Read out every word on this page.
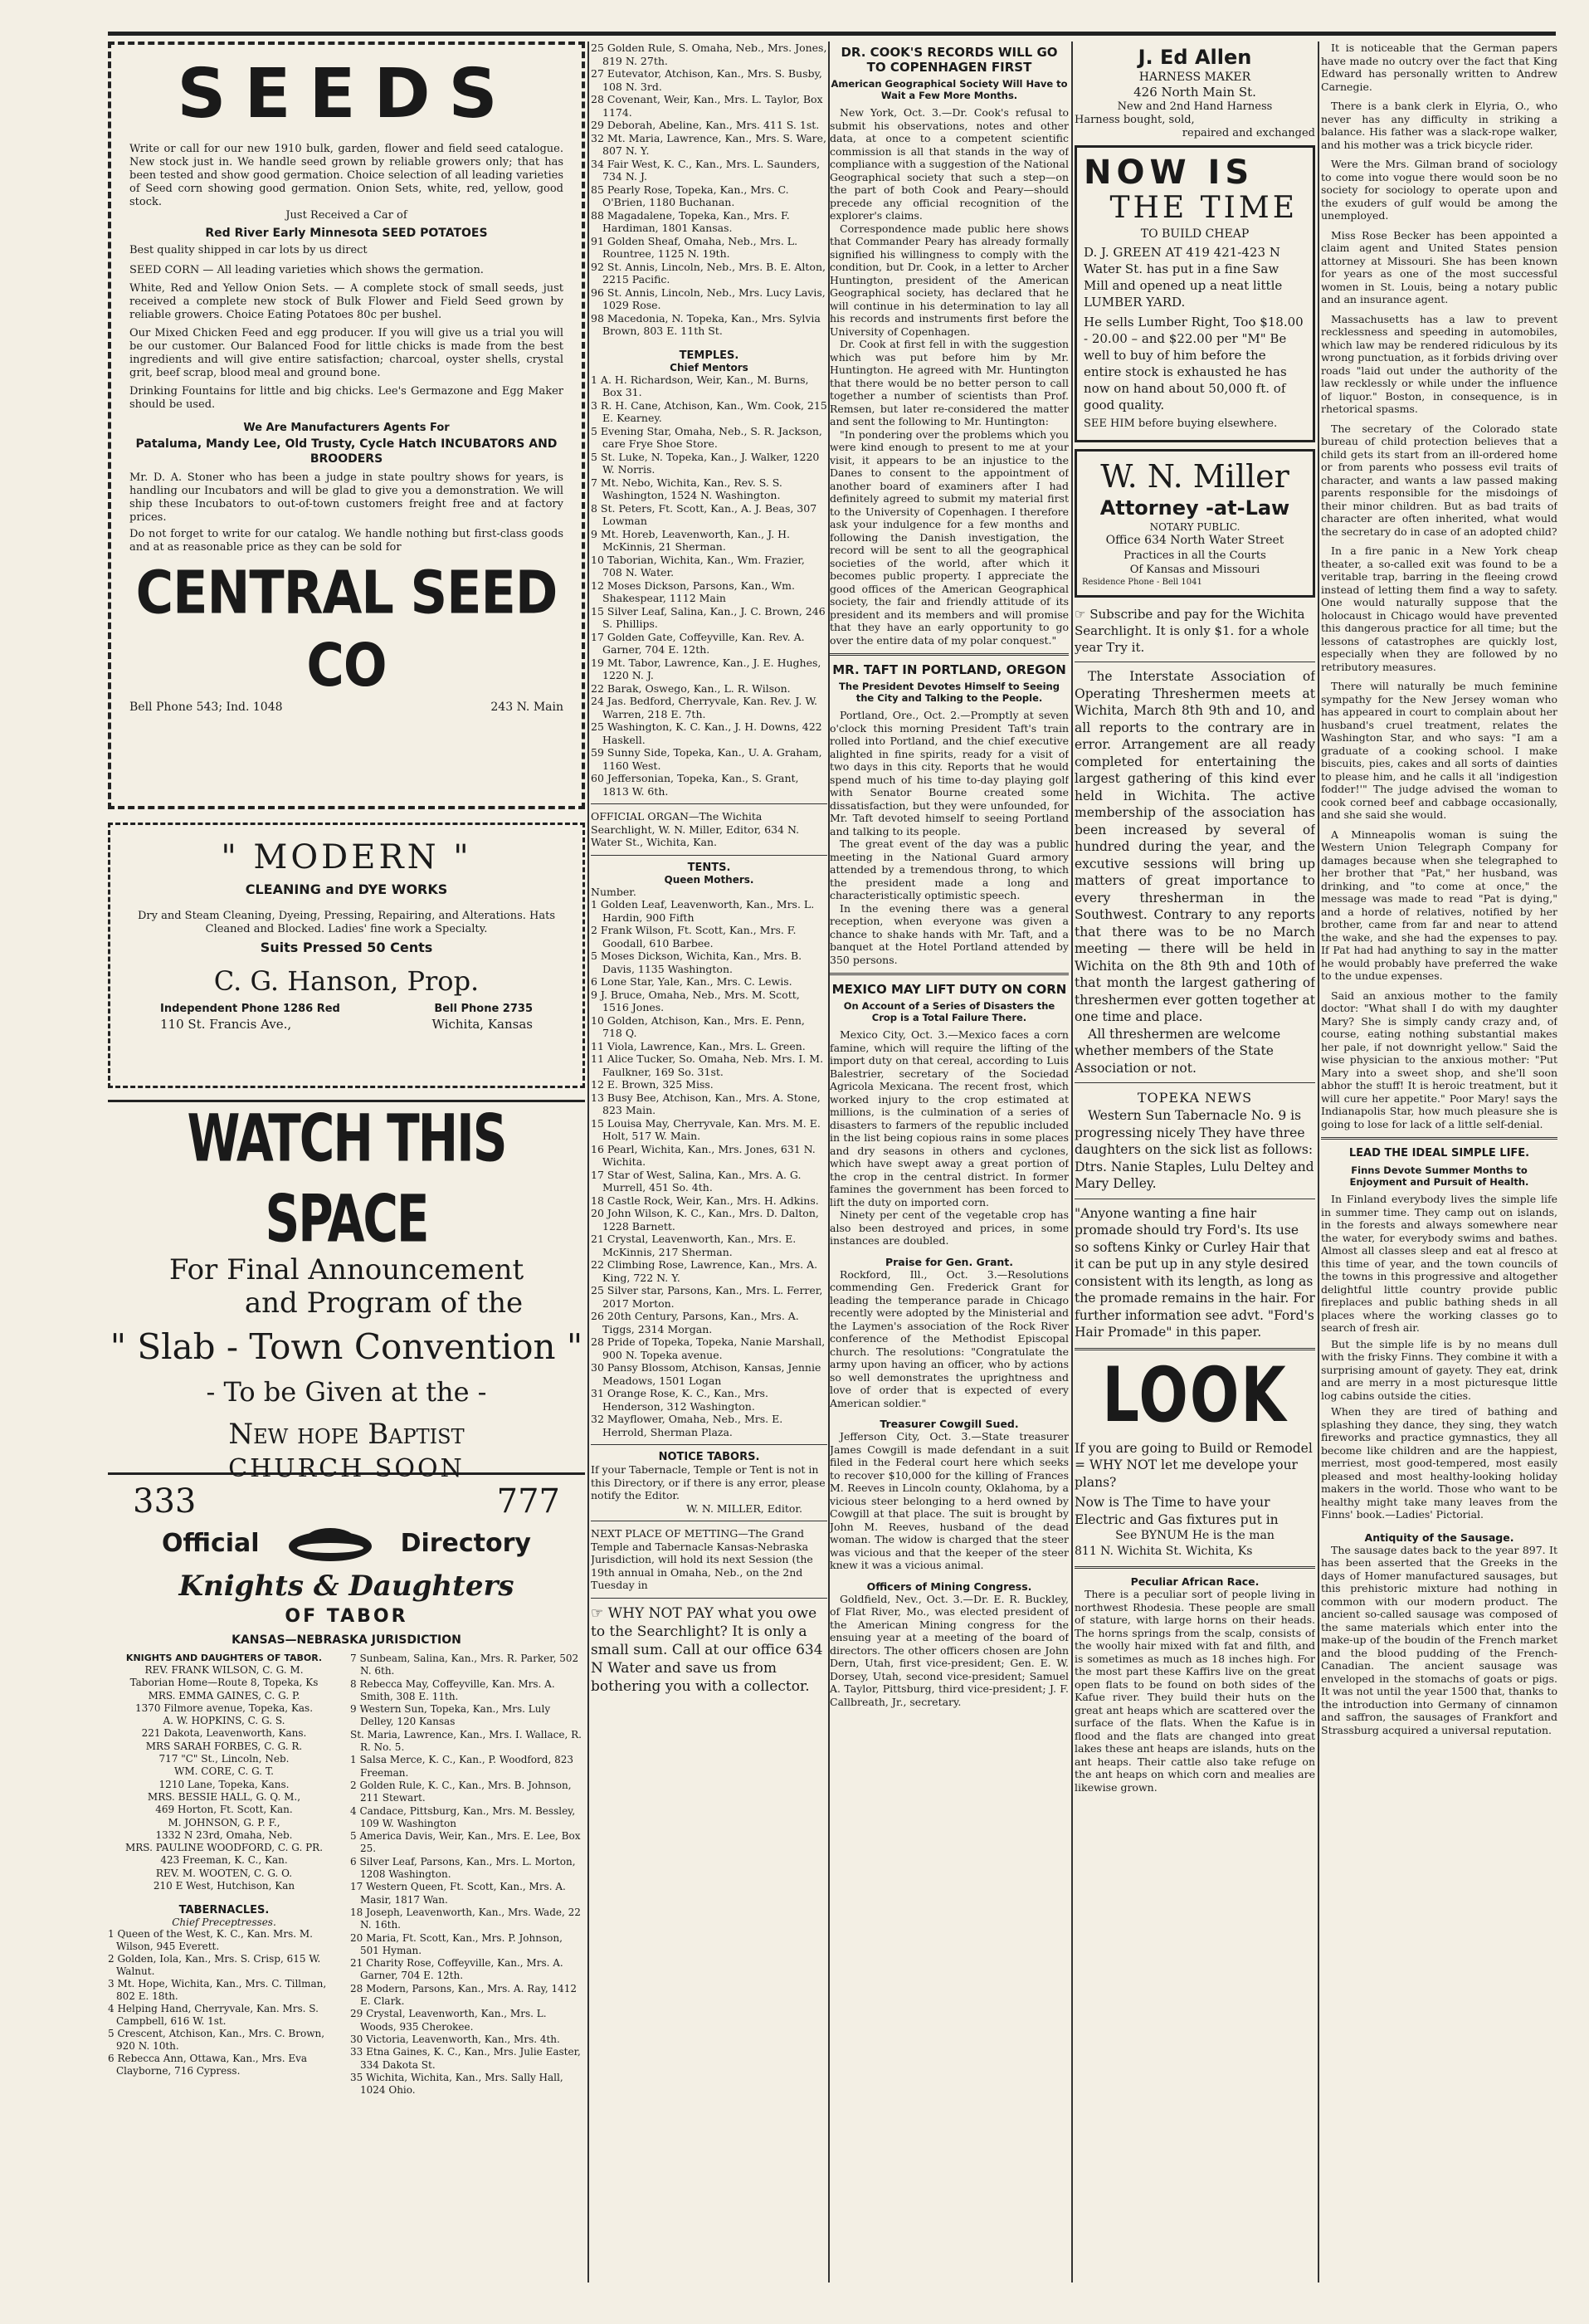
SEEDS

Write or call for our new 1910 bulk, garden, flower and field seed catalogue. New stock just in. We handle seed grown by reliable growers only; that has been tested and show good germation. Choice selection of all leading varieties of Seed corn showing good germation. Onion Sets, white, red, yellow, good stock.

Just Received a Car of

Red River Early Minnesota SEED POTATOES

Best quality shipped in car lots by us direct

SEED CORN — All leading varieties which shows the germation.

White, Red and Yellow Onion Sets. — A complete stock of small seeds, just received a complete new stock of Bulk Flower and Field Seed grown by reliable growers. Choice Eating Potatoes 80c per bushel.

Our Mixed Chicken Feed and egg producer. If you will give us a trial you will be our customer. Our Balanced Food for little chicks is made from the best ingredients and will give entire satisfaction; charcoal, oyster shells, crystal grit, beef scrap, blood meal and ground bone.

Drinking Fountains for little and big chicks. Lee's Germazone and Egg Maker should be used.

We Are Manufacturers Agents For

Pataluma, Mandy Lee, Old Trusty, Cycle Hatch INCUBATORS AND BROODERS

Mr. D. A. Stoner who has been a judge in state poultry shows for years, is handling our Incubators and will be glad to give you a demonstration. We will ship these Incubators to out-of-town customers freight free and at factory prices.

Do not forget to write for our catalog. We handle nothing but first-class goods and at as reasonable price as they can be sold for

CENTRAL SEED CO
Bell Phone 543; Ind. 1048	243 N. Main
" MODERN "
CLEANING and DYE WORKS

Dry and Steam Cleaning, Dyeing, Pressing, Repairing, and Alterations. Hats Cleaned and Blocked. Ladies' fine work a Specialty.

Suits Pressed 50 Cents

C. G. Hanson, Prop.
Independent Phone 1286 Red	Bell Phone 2735
110 St. Francis Ave.,	Wichita, Kansas
WATCH THIS SPACE
For Final Announcement
and Program of the
" Slab - Town Convention "
- To be Given at the -
New hope Baptist
CHURCH SOON
333	777
Official	Directory
Knights & Daughters
OF TABOR
KANSAS—NEBRASKA JURISDICTION
KNIGHTS AND DAUGHTERS OF TABOR.

REV. FRANK WILSON, C. G. M.

Taborian Home—Route 8, Topeka, Ks

MRS. EMMA GAINES, C. G. P.

1370 Filmore avenue, Topeka, Kas.

A. W. HOPKINS, C. G. S.

221 Dakota, Leavenworth, Kans.

MRS SARAH FORBES, C. G. R.

717 "C" St., Lincoln, Neb.

WM. CORE, C. G. T.

1210 Lane, Topeka, Kans.

MRS. BESSIE HALL, G. Q. M.,

469 Horton, Ft. Scott, Kan.

M. JOHNSON, G. P. F.,

1332 N 23rd, Omaha, Neb.

MRS. PAULINE WOODFORD, C. G. PR.

423 Freeman, K. C., Kan.

REV. M. WOOTEN, C. G. O.

210 E West, Hutchison, Kan

TABERNACLES.
Chief Preceptresses.

1 Queen of the West, K. C., Kan. Mrs. M. Wilson, 945 Everett.

2 Golden, Iola, Kan., Mrs. S. Crisp, 615 W. Walnut.

3 Mt. Hope, Wichita, Kan., Mrs. C. Tillman, 802 E. 18th.

4 Helping Hand, Cherryvale, Kan. Mrs. S. Campbell, 616 W. 1st.

5 Crescent, Atchison, Kan., Mrs. C. Brown, 920 N. 10th.

6 Rebecca Ann, Ottawa, Kan., Mrs. Eva Clayborne, 716 Cypress.

7 Sunbeam, Salina, Kan., Mrs. R. Parker, 502 N. 6th.

8 Rebecca May, Coffeyville, Kan. Mrs. A. Smith, 308 E. 11th.

9 Western Sun, Topeka, Kan., Mrs. Luly Delley, 120 Kansas

St. Maria, Lawrence, Kan., Mrs. I. Wallace, R. R. No. 5.

1 Salsa Merce, K. C., Kan., P. Woodford, 823 Freeman.

2 Golden Rule, K. C., Kan., Mrs. B. Johnson, 211 Stewart.

4 Candace, Pittsburg, Kan., Mrs. M. Bessley, 109 W. Washington

5 America Davis, Weir, Kan., Mrs. E. Lee, Box 25.

6 Silver Leaf, Parsons, Kan., Mrs. L. Morton, 1208 Washington.

17 Western Queen, Ft. Scott, Kan., Mrs. A. Masir, 1817 Wan.

18 Joseph, Leavenworth, Kan., Mrs. Wade, 22 N. 16th.

20 Maria, Ft. Scott, Kan., Mrs. P. Johnson, 501 Hyman.

21 Charity Rose, Coffeyville, Kan., Mrs. A. Garner, 704 E. 12th.

28 Modern, Parsons, Kan., Mrs. A. Ray, 1412 E. Clark.

29 Crystal, Leavenworth, Kan., Mrs. L. Woods, 935 Cherokee.

30 Victoria, Leavenworth, Kan., Mrs. 4th.

33 Etna Gaines, K. C., Kan., Mrs. Julie Easter, 334 Dakota St.

35 Wichita, Wichita, Kan., Mrs. Sally Hall, 1024 Ohio.

25 Golden Rule, S. Omaha, Neb., Mrs. Jones, 819 N. 27th.

27 Eutevator, Atchison, Kan., Mrs. S. Busby, 108 N. 3rd.

28 Covenant, Weir, Kan., Mrs. L. Taylor, Box 1174.

29 Deborah, Abeline, Kan., Mrs. 411 S. 1st.

32 Mt. Maria, Lawrence, Kan., Mrs. S. Ware, 807 N. Y.

34 Fair West, K. C., Kan., Mrs. L. Saunders, 734 N. J.

85 Pearly Rose, Topeka, Kan., Mrs. C. O'Brien, 1180 Buchanan.

88 Magadalene, Topeka, Kan., Mrs. F. Hardiman, 1801 Kansas.

91 Golden Sheaf, Omaha, Neb., Mrs. L. Rountree, 1125 N. 19th.

92 St. Annis, Lincoln, Neb., Mrs. B. E. Alton, 2215 Pacific.

96 St. Annis, Lincoln, Neb., Mrs. Lucy Lavis, 1029 Rose.

98 Macedonia, N. Topeka, Kan., Mrs. Sylvia Brown, 803 E. 11th St.

TEMPLES.
Chief Mentors

1 A. H. Richardson, Weir, Kan., M. Burns, Box 31.

3 R. H. Cane, Atchison, Kan., Wm. Cook, 215 E. Kearney.

5 Evening Star, Omaha, Neb., S. R. Jackson, care Frye Shoe Store.

5 St. Luke, N. Topeka, Kan., J. Walker, 1220 W. Norris.

7 Mt. Nebo, Wichita, Kan., Rev. S. S. Washington, 1524 N. Washington.

8 St. Peters, Ft. Scott, Kan., A. J. Beas, 307 Lowman

9 Mt. Horeb, Leavenworth, Kan., J. H. McKinnis, 21 Sherman.

10 Taborian, Wichita, Kan., Wm. Frazier, 708 N. Water.

12 Moses Dickson, Parsons, Kan., Wm. Shakespear, 1112 Main

15 Silver Leaf, Salina, Kan., J. C. Brown, 246 S. Phillips.

17 Golden Gate, Coffeyville, Kan. Rev. A. Garner, 704 E. 12th.

19 Mt. Tabor, Lawrence, Kan., J. E. Hughes, 1220 N. J.

22 Barak, Oswego, Kan., L. R. Wilson.

24 Jas. Bedford, Cherryvale, Kan. Rev. J. W. Warren, 218 E. 7th.

25 Washington, K. C. Kan., J. H. Downs, 422 Haskell.

59 Sunny Side, Topeka, Kan., U. A. Graham, 1160 West.

60 Jeffersonian, Topeka, Kan., S. Grant, 1813 W. 6th.

OFFICIAL ORGAN—The Wichita Searchlight, W. N. Miller, Editor, 634 N. Water St., Wichita, Kan.

TENTS.
Queen Mothers.
Number.

1 Golden Leaf, Leavenworth, Kan., Mrs. L. Hardin, 900 Fifth

2 Frank Wilson, Ft. Scott, Kan., Mrs. F. Goodall, 610 Barbee.

5 Moses Dickson, Wichita, Kan., Mrs. B. Davis, 1135 Washington.

6 Lone Star, Yale, Kan., Mrs. C. Lewis.

9 J. Bruce, Omaha, Neb., Mrs. M. Scott, 1516 Jones.

10 Golden, Atchison, Kan., Mrs. E. Penn, 718 Q.

11 Viola, Lawrence, Kan., Mrs. L. Green.

11 Alice Tucker, So. Omaha, Neb. Mrs. I. M. Faulkner, 169 So. 31st.

12 E. Brown, 325 Miss.

13 Busy Bee, Atchison, Kan., Mrs. A. Stone, 823 Main.

15 Louisa May, Cherryvale, Kan. Mrs. M. E. Holt, 517 W. Main.

16 Pearl, Wichita, Kan., Mrs. Jones, 631 N. Wichita.

17 Star of West, Salina, Kan., Mrs. A. G. Murrell, 451 So. 4th.

18 Castle Rock, Weir, Kan., Mrs. H. Adkins.

20 John Wilson, K. C., Kan., Mrs. D. Dalton, 1228 Barnett.

21 Crystal, Leavenworth, Kan., Mrs. E. McKinnis, 217 Sherman.

22 Climbing Rose, Lawrence, Kan., Mrs. A. King, 722 N. Y.

25 Silver star, Parsons, Kan., Mrs. L. Ferrer, 2017 Morton.

26 20th Century, Parsons, Kan., Mrs. A. Tiggs, 2314 Morgan.

28 Pride of Topeka, Topeka, Nanie Marshall, 900 N. Topeka avenue.

30 Pansy Blossom, Atchison, Kansas, Jennie Meadows, 1501 Logan

31 Orange Rose, K. C., Kan., Mrs. Henderson, 312 Washington.

32 Mayflower, Omaha, Neb., Mrs. E. Herrold, Sherman Plaza.

NOTICE TABORS.

If your Tabernacle, Temple or Tent is not in this Directory, or if there is any error, please notify the Editor.

W. N. MILLER, Editor.

NEXT PLACE OF METTING—The Grand Temple and Tabernacle Kansas-Nebraska Jurisdiction, will hold its next Session (the 19th annual in Omaha, Neb., on the 2nd Tuesday in

☞ WHY NOT PAY what you owe to the Searchlight? It is only a small sum. Call at our office 634 N Water and save us from bothering you with a collector.

DR. COOK'S RECORDS WILL GO TO COPENHAGEN FIRST
American Geographical Society Will Have to Wait a Few More Months.

New York, Oct. 3.—Dr. Cook's refusal to submit his observations, notes and other data, at once to a competent scientific commission is all that stands in the way of compliance with a suggestion of the National Geographical society that such a step—on the part of both Cook and Peary—should precede any official recognition of the explorer's claims.

Correspondence made public here shows that Commander Peary has already formally signified his willingness to comply with the condition, but Dr. Cook, in a letter to Archer Huntington, president of the American Geographical society, has declared that he will continue in his determination to lay all his records and instruments first before the University of Copenhagen.

Dr. Cook at first fell in with the suggestion which was put before him by Mr. Huntington. He agreed with Mr. Huntington that there would be no better person to call together a number of scientists than Prof. Remsen, but later re-considered the matter and sent the following to Mr. Huntington:

"In pondering over the problems which you were kind enough to present to me at your visit, it appears to be an injustice to the Danes to consent to the appointment of another board of examiners after I had definitely agreed to submit my material first to the University of Copenhagen. I therefore ask your indulgence for a few months and following the Danish investigation, the record will be sent to all the geographical societies of the world, after which it becomes public property. I appreciate the good offices of the American Geographical society, the fair and friendly attitude of its president and its members and will promise that they have an early opportunity to go over the entire data of my polar conquest."

MR. TAFT IN PORTLAND, OREGON
The President Devotes Himself to Seeing the City and Talking to the People.

Portland, Ore., Oct. 2.—Promptly at seven o'clock this morning President Taft's train rolled into Portland, and the chief executive alighted in fine spirits, ready for a visit of two days in this city. Reports that he would spend much of his time to-day playing golf with Senator Bourne created some dissatisfaction, but they were unfounded, for Mr. Taft devoted himself to seeing Portland and talking to its people.

The great event of the day was a public meeting in the National Guard armory attended by a tremendous throng, to which the president made a long and characteristically optimistic speech.

In the evening there was a general reception, when everyone was given a chance to shake hands with Mr. Taft, and a banquet at the Hotel Portland attended by 350 persons.

MEXICO MAY LIFT DUTY ON CORN
On Account of a Series of Disasters the Crop is a Total Failure There.

Mexico City, Oct. 3.—Mexico faces a corn famine, which will require the lifting of the import duty on that cereal, according to Luis Balestrier, secretary of the Sociedad Agricola Mexicana. The recent frost, which worked injury to the crop estimated at millions, is the culmination of a series of disasters to farmers of the republic included in the list being copious rains in some places and dry seasons in others and cyclones, which have swept away a great portion of the crop in the central district. In former famines the government has been forced to lift the duty on imported corn.

Ninety per cent of the vegetable crop has also been destroyed and prices, in some instances are doubled.

Praise for Gen. Grant.

Rockford, Ill., Oct. 3.—Resolutions commending Gen. Frederick Grant for leading the temperance parade in Chicago recently were adopted by the Ministerial and the Laymen's association of the Rock River conference of the Methodist Episcopal church. The resolutions: "Congratulate the army upon having an officer, who by actions so well demonstrates the uprightness and love of order that is expected of every American soldier."

Treasurer Cowgill Sued.

Jefferson City, Oct. 3.—State treasurer James Cowgill is made defendant in a suit filed in the Federal court here which seeks to recover $10,000 for the killing of Frances M. Reeves in Lincoln county, Oklahoma, by a vicious steer belonging to a herd owned by Cowgill at that place. The suit is brought by John M. Reeves, husband of the dead woman. The widow is charged that the steer was vicious and that the keeper of the steer knew it was a vicious animal.

Officers of Mining Congress.

Goldfield, Nev., Oct. 3.—Dr. E. R. Buckley, of Flat River, Mo., was elected president of the American Mining congress for the ensuing year at a meeting of the board of directors. The other officers chosen are John Dern, Utah, first vice-president; Gen. E. W. Dorsey, Utah, second vice-president; Samuel A. Taylor, Pittsburg, third vice-president; J. F. Callbreath, Jr., secretary.

J. Ed Allen
HARNESS MAKER
426 North Main St.
New and 2nd Hand Harness
Harness bought, sold,
repaired and exchanged
NOW IS
THE TIME
TO BUILD CHEAP

D. J. GREEN AT 419 421-423 N Water St. has put in a fine Saw Mill and opened up a neat little LUMBER YARD.

He sells Lumber Right, Too $18.00 - 20.00 – and $22.00 per "M" Be well to buy of him before the entire stock is exhausted he has now on hand about 50,000 ft. of good quality.

SEE HIM before buying elsewhere.

W. N. Miller
Attorney -at-Law
NOTARY PUBLIC.
Office 634 North Water Street
Practices in all the Courts
Of Kansas and Missouri
Residence Phone - Bell 1041

☞ Subscribe and pay for the Wichita Searchlight. It is only $1. for a whole year Try it.

The Interstate Association of Operating Threshermen meets at Wichita, March 8th 9th and 10, and all reports to the contrary are in error. Arrangement are all ready completed for entertaining the largest gathering of this kind ever held in Wichita. The active membership of the association has been increased by several of hundred during the year, and the excutive sessions will bring up matters of great importance to every thresherman in the Southwest. Contrary to any reports that there was to be no March meeting — there will be held in Wichita on the 8th 9th and 10th of that month the largest gathering of threshermen ever gotten together at one time and place.

All threshermen are welcome whether members of the State Association or not.

TOPEKA NEWS

Western Sun Tabernacle No. 9 is progressing nicely They have three daughters on the sick list as follows: Dtrs. Nanie Staples, Lulu Deltey and Mary Delley.

"Anyone wanting a fine hair promade should try Ford's. Its use so softens Kinky or Curley Hair that it can be put up in any style desired consistent with its length, as long as the promade remains in the hair. For further information see advt. "Ford's Hair Promade" in this paper.

LOOK

If you are going to Build or Remodel = WHY NOT let me develope your plans?

Now is The Time to have your Electric and Gas fixtures put in

See BYNUM He is the man

811 N. Wichita St. Wichita, Ks

Peculiar African Race.

There is a peculiar sort of people living in northwest Rhodesia. These people are small of stature, with large horns on their heads. The horns springs from the scalp, consists of the woolly hair mixed with fat and filth, and is sometimes as much as 18 inches high. For the most part these Kaffirs live on the great open flats to be found on both sides of the Kafue river. They build their huts on the great ant heaps which are scattered over the surface of the flats. When the Kafue is in flood and the flats are changed into great lakes these ant heaps are islands, huts on the ant heaps. Their cattle also take refuge on the ant heaps on which corn and mealies are likewise grown.

It is noticeable that the German papers have made no outcry over the fact that King Edward has personally written to Andrew Carnegie.

There is a bank clerk in Elyria, O., who never has any difficulty in striking a balance. His father was a slack-rope walker, and his mother was a trick bicycle rider.

Were the Mrs. Gilman brand of sociology to come into vogue there would soon be no society for sociology to operate upon and the exuders of gulf would be among the unemployed.

Miss Rose Becker has been appointed a claim agent and United States pension attorney at Missouri. She has been known for years as one of the most successful women in St. Louis, being a notary public and an insurance agent.

Massachusetts has a law to prevent recklessness and speeding in automobiles, which law may be rendered ridiculous by its wrong punctuation, as it forbids driving over roads "laid out under the authority of the law recklessly or while under the influence of liquor." Boston, in consequence, is in rhetorical spasms.

The secretary of the Colorado state bureau of child protection believes that a child gets its start from an ill-ordered home or from parents who possess evil traits of character, and wants a law passed making parents responsible for the misdoings of their minor children. But as bad traits of character are often inherited, what would the secretary do in case of an adopted child?

In a fire panic in a New York cheap theater, a so-called exit was found to be a veritable trap, barring in the fleeing crowd instead of letting them find a way to safety. One would naturally suppose that the holocaust in Chicago would have prevented this dangerous practice for all time; but the lessons of catastrophes are quickly lost, especially when they are followed by no retributory measures.

There will naturally be much feminine sympathy for the New Jersey woman who has appeared in court to complain about her husband's cruel treatment, relates the Washington Star, and who says: "I am a graduate of a cooking school. I make biscuits, pies, cakes and all sorts of dainties to please him, and he calls it all 'indigestion fodder!'" The judge advised the woman to cook corned beef and cabbage occasionally, and she said she would.

A Minneapolis woman is suing the Western Union Telegraph Company for damages because when she telegraphed to her brother that "Pat," her husband, was drinking, and "to come at once," the message was made to read "Pat is dying," and a horde of relatives, notified by her brother, came from far and near to attend the wake, and she had the expenses to pay. If Pat had had anything to say in the matter he would probably have preferred the wake to the undue expenses.

Said an anxious mother to the family doctor: "What shall I do with my daughter Mary? She is simply candy crazy and, of course, eating nothing substantial makes her pale, if not downright yellow." Said the wise physician to the anxious mother: "Put Mary into a sweet shop, and she'll soon abhor the stuff! It is heroic treatment, but it will cure her appetite." Poor Mary! says the Indianapolis Star, how much pleasure she is going to lose for lack of a little self-denial.

LEAD THE IDEAL SIMPLE LIFE.
Finns Devote Summer Months to Enjoyment and Pursuit of Health.

In Finland everybody lives the simple life in summer time. They camp out on islands, in the forests and always somewhere near the water, for everybody swims and bathes. Almost all classes sleep and eat al fresco at this time of year, and the town councils of the towns in this progressive and altogether delightful little country provide public fireplaces and public bathing sheds in all places where the working classes go to search of fresh air.

But the simple life is by no means dull with the frisky Finns. They combine it with a surprising amount of gayety. They eat, drink and are merry in a most picturesque little log cabins outside the cities.

When they are tired of bathing and splashing they dance, they sing, they watch fireworks and practice gymnastics, they all become like children and are the happiest, merriest, most good-tempered, most easily pleased and most healthy-looking holiday makers in the world. Those who want to be healthy might take many leaves from the Finns' book.—Ladies' Pictorial.

Antiquity of the Sausage.

The sausage dates back to the year 897. It has been asserted that the Greeks in the days of Homer manufactured sausages, but this prehistoric mixture had nothing in common with our modern product. The ancient so-called sausage was composed of the same materials which enter into the make-up of the boudin of the French market and the blood pudding of the French-Canadian. The ancient sausage was enveloped in the stomachs of goats or pigs. It was not until the year 1500 that, thanks to the introduction into Germany of cinnamon and saffron, the sausages of Frankfort and Strassburg acquired a universal reputation.
